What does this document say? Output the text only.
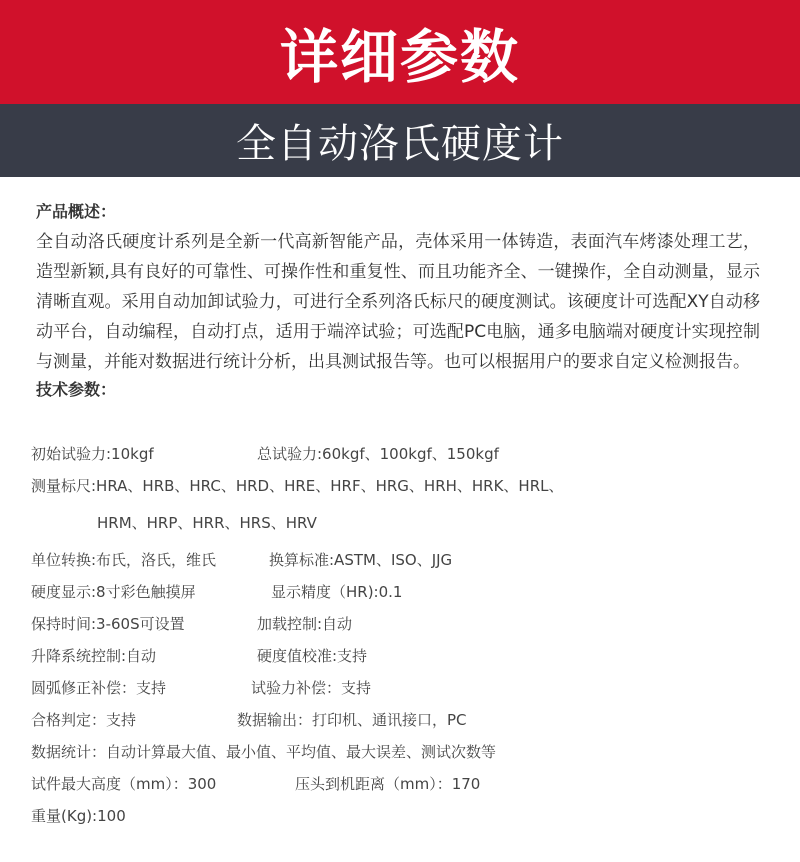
详细参数
全自动洛氏硬度计

产品概述：

全自动洛氏硬度计系列是全新一代高新智能产品，壳体采用一体铸造，表面汽车烤漆处理工艺，造型新颖,具有良好的可靠性、可操作性和重复性、而且功能齐全、一键操作，全自动测量，显示清晰直观。采用自动加卸试验力，可进行全系列洛氏标尺的硬度测试。该硬度计可选配XY自动移动平台，自动编程，自动打点，适用于端淬试验；可选配PC电脑，通多电脑端对硬度计实现控制与测量，并能对数据进行统计分析，出具测试报告等。也可以根据用户的要求自定义检测报告。

技术参数：

初始试验力:10kgf	总试验力:60kgf、100kgf、150kgf
测量标尺:HRA、HRB、HRC、HRD、HRE、HRF、HRG、HRH、HRK、HRL、
HRM、HRP、HRR、HRS、HRV
单位转换:布氏，洛氏，维氏	换算标准:ASTM、ISO、JJG
硬度显示:8寸彩色触摸屏	显示精度（HR):0.1
保持时间:3-60S可设置	加载控制:自动
升降系统控制:自动	硬度值校准:支持
圆弧修正补偿：支持	试验力补偿：支持
合格判定：支持	数据输出：打印机、通讯接口，PC
数据统计：自动计算最大值、最小值、平均值、最大误差、测试次数等
试件最大高度（mm）：300	压头到机距离（mm）：170
重量(Kg):100
